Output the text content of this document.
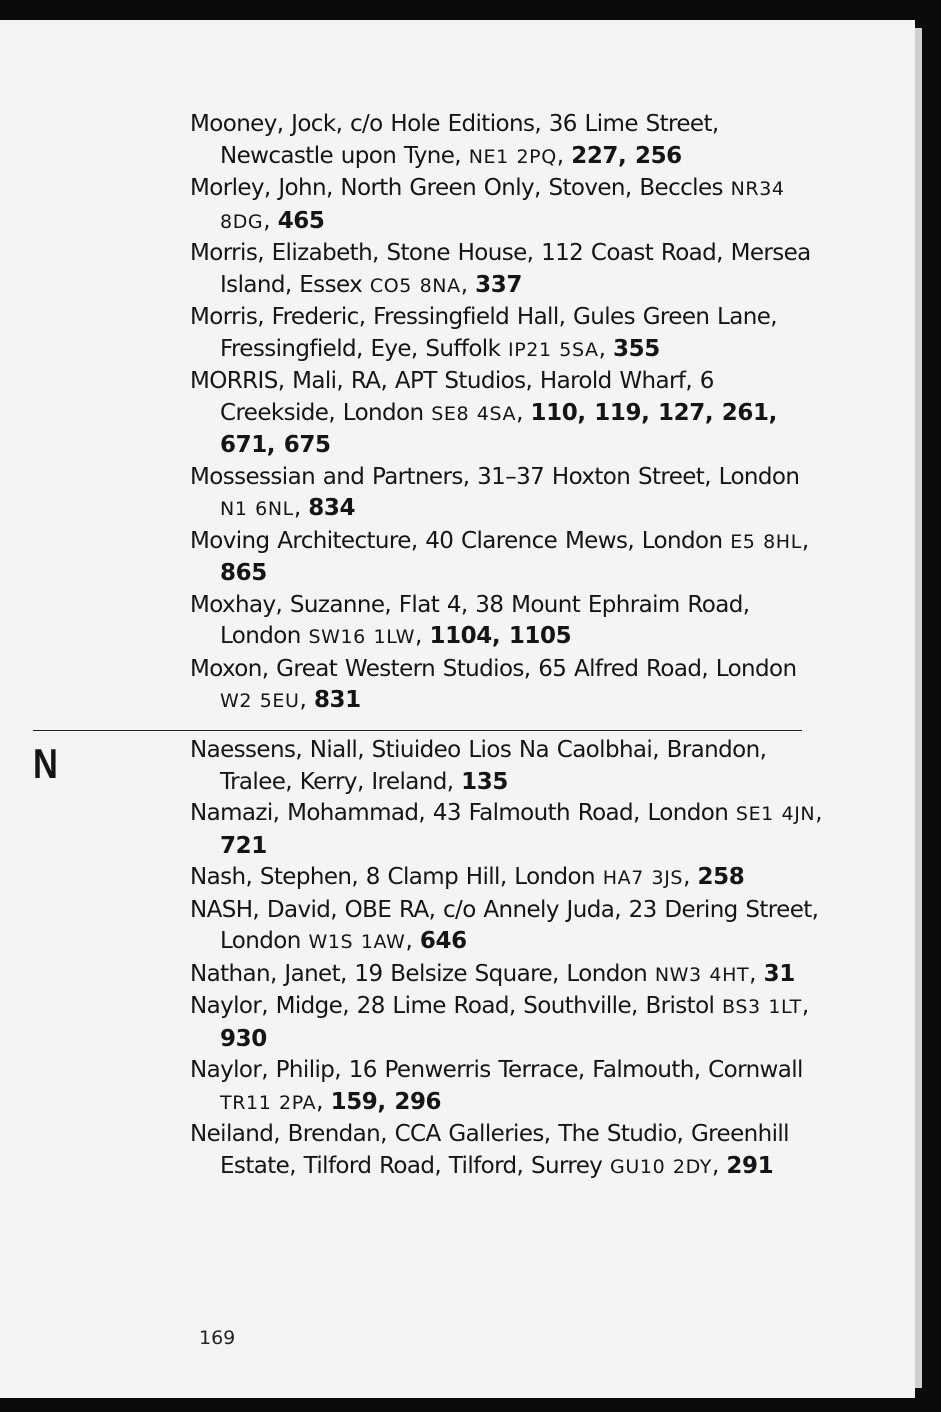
Mooney, Jock, c/o Hole Editions, 36 Lime Street, Newcastle upon Tyne, NE1 2PQ, 227, 256
Morley, John, North Green Only, Stoven, Beccles NR34 8DG, 465
Morris, Elizabeth, Stone House, 112 Coast Road, Mersea Island, Essex CO5 8NA, 337
Morris, Frederic, Fressingfield Hall, Gules Green Lane, Fressingfield, Eye, Suffolk IP21 5SA, 355
MORRIS, Mali, RA, APT Studios, Harold Wharf, 6 Creekside, London SE8 4SA, 110, 119, 127, 261, 671, 675
Mossessian and Partners, 31–37 Hoxton Street, London N1 6NL, 834
Moving Architecture, 40 Clarence Mews, London E5 8HL, 865
Moxhay, Suzanne, Flat 4, 38 Mount Ephraim Road, London SW16 1LW, 1104, 1105
Moxon, Great Western Studios, 65 Alfred Road, London W2 5EU, 831
N	Naessens, Niall, Stiuideo Lios Na Caolbhai, Brandon, Tralee, Kerry, Ireland, 135
Namazi, Mohammad, 43 Falmouth Road, London SE1 4JN, 721
Nash, Stephen, 8 Clamp Hill, London HA7 3JS, 258
NASH, David, OBE RA, c/o Annely Juda, 23 Dering Street, London W1S 1AW, 646
Nathan, Janet, 19 Belsize Square, London NW3 4HT, 31
Naylor, Midge, 28 Lime Road, Southville, Bristol BS3 1LT, 930
Naylor, Philip, 16 Penwerris Terrace, Falmouth, Cornwall TR11 2PA, 159, 296
Neiland, Brendan, CCA Galleries, The Studio, Greenhill Estate, Tilford Road, Tilford, Surrey GU10 2DY, 291
169
